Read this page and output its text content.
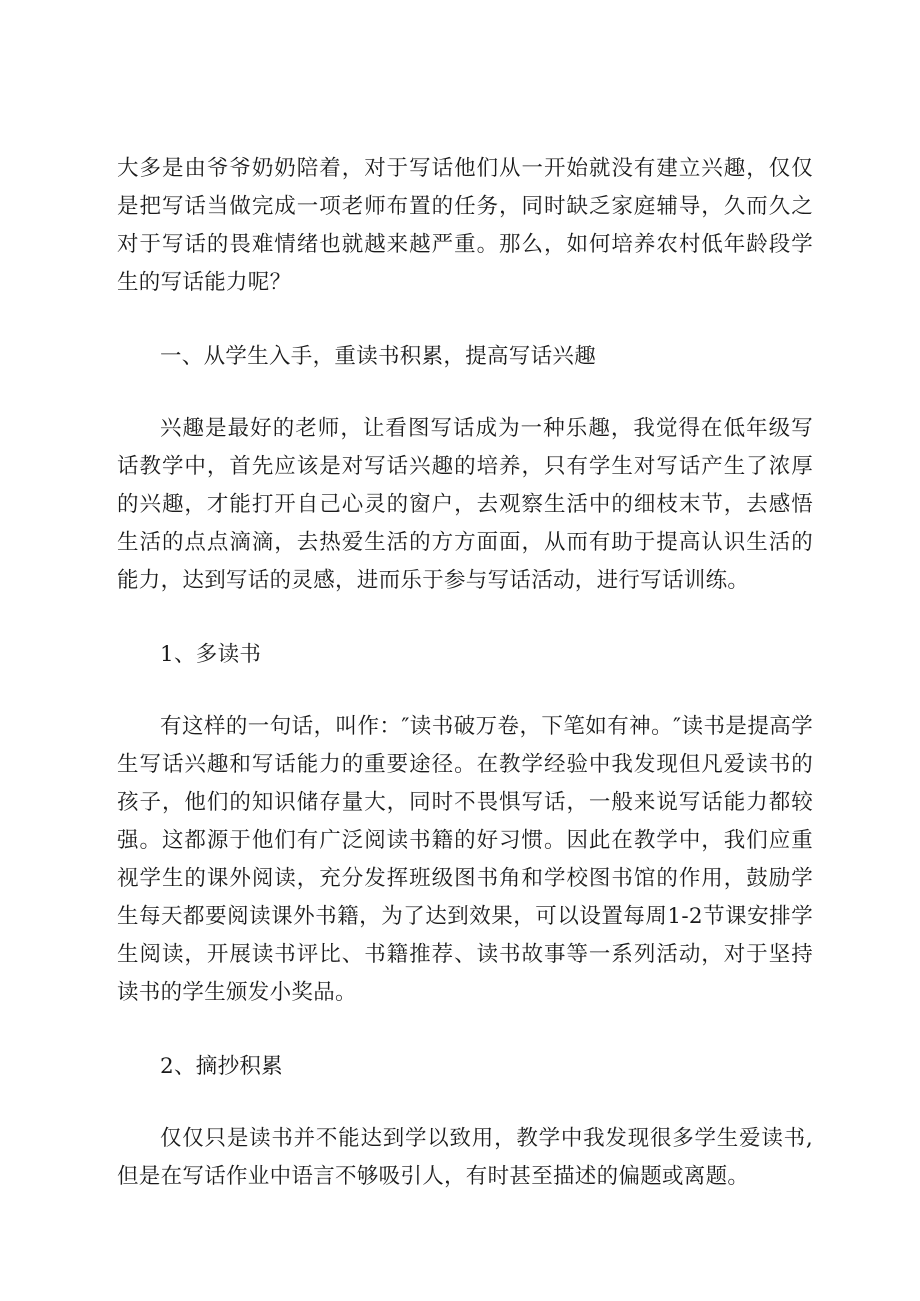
大多是由爷爷奶奶陪着，对于写话他们从一开始就没有建立兴趣，仅仅是把写话当做完成一项老师布置的任务，同时缺乏家庭辅导，久而久之对于写话的畏难情绪也就越来越严重。那么，如何培养农村低年龄段学生的写话能力呢？

一、从学生入手，重读书积累，提高写话兴趣

兴趣是最好的老师，让看图写话成为一种乐趣，我觉得在低年级写话教学中，首先应该是对写话兴趣的培养，只有学生对写话产生了浓厚的兴趣，才能打开自己心灵的窗户，去观察生活中的细枝末节，去感悟生活的点点滴滴，去热爱生活的方方面面，从而有助于提高认识生活的能力，达到写话的灵感，进而乐于参与写话活动，进行写话训练。

1、多读书

有这样的一句话，叫作：″读书破万卷，下笔如有神。″读书是提高学生写话兴趣和写话能力的重要途径。在教学经验中我发现但凡爱读书的孩子，他们的知识储存量大，同时不畏惧写话，一般来说写话能力都较强。这都源于他们有广泛阅读书籍的好习惯。因此在教学中，我们应重视学生的课外阅读，充分发挥班级图书角和学校图书馆的作用，鼓励学生每天都要阅读课外书籍，为了达到效果，可以设置每周1-2节课安排学生阅读，开展读书评比、书籍推荐、读书故事等一系列活动，对于坚持读书的学生颁发小奖品。

2、摘抄积累

仅仅只是读书并不能达到学以致用，教学中我发现很多学生爱读书,但是在写话作业中语言不够吸引人，有时甚至描述的偏题或离题。
